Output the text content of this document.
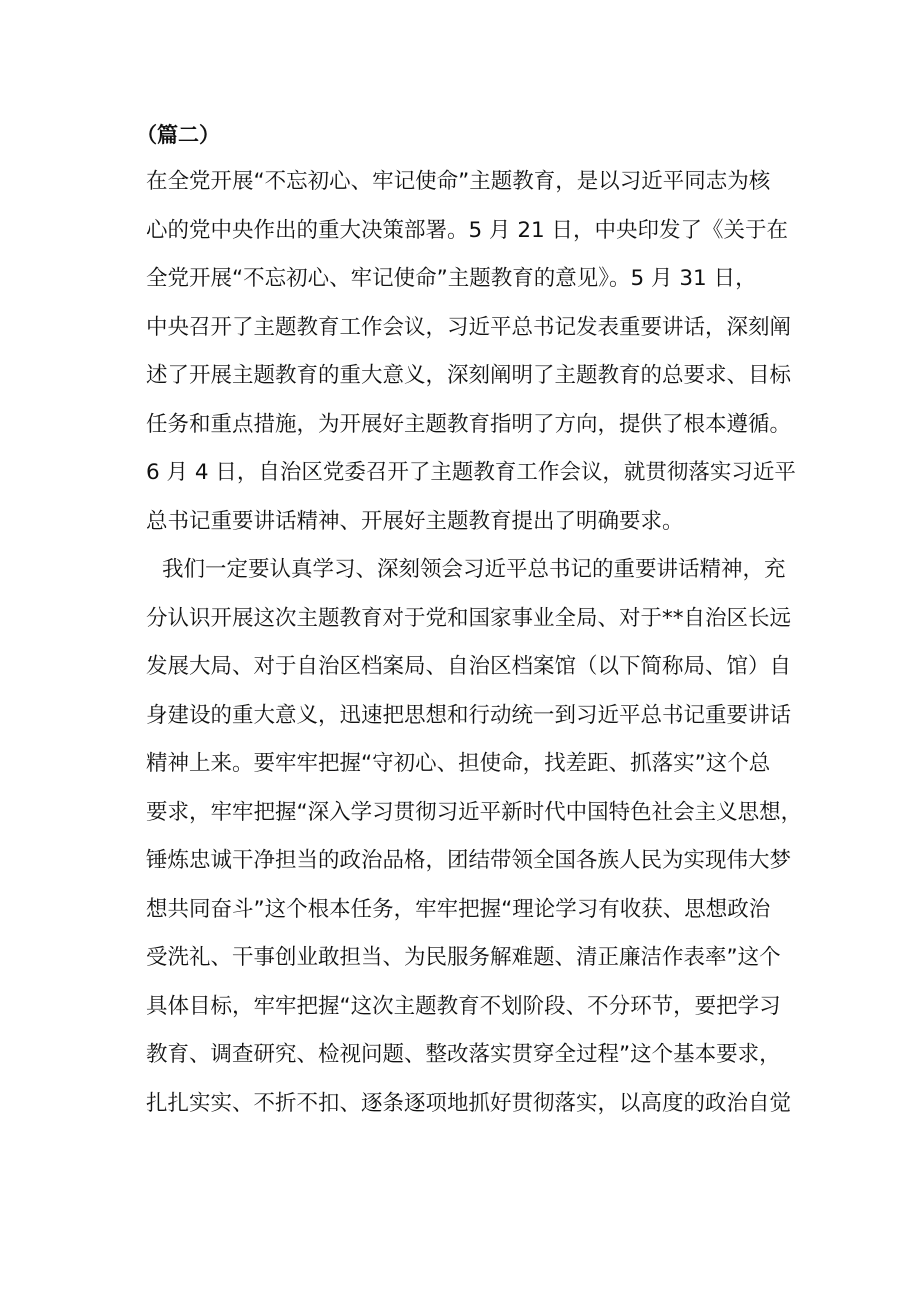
（篇二）
在全党开展“不忘初心、牢记使命”主题教育，是以习近平同志为核
心的党中央作出的重大决策部署。5 月 21 日，中央印发了《关于在
全党开展“不忘初心、牢记使命”主题教育的意见》。5 月 31 日，
中央召开了主题教育工作会议，习近平总书记发表重要讲话，深刻阐
述了开展主题教育的重大意义，深刻阐明了主题教育的总要求、目标
任务和重点措施，为开展好主题教育指明了方向，提供了根本遵循。
6 月 4 日，自治区党委召开了主题教育工作会议，就贯彻落实习近平
总书记重要讲话精神、开展好主题教育提出了明确要求。
我们一定要认真学习、深刻领会习近平总书记的重要讲话精神，充
分认识开展这次主题教育对于党和国家事业全局、对于**自治区长远
发展大局、对于自治区档案局、自治区档案馆（以下简称局、馆）自
身建设的重大意义，迅速把思想和行动统一到习近平总书记重要讲话
精神上来。要牢牢把握“守初心、担使命，找差距、抓落实”这个总
要求，牢牢把握“深入学习贯彻习近平新时代中国特色社会主义思想，
锤炼忠诚干净担当的政治品格，团结带领全国各族人民为实现伟大梦
想共同奋斗”这个根本任务，牢牢把握“理论学习有收获、思想政治
受洗礼、干事创业敢担当、为民服务解难题、清正廉洁作表率”这个
具体目标，牢牢把握“这次主题教育不划阶段、不分环节，要把学习
教育、调查研究、检视问题、整改落实贯穿全过程”这个基本要求，
扎扎实实、不折不扣、逐条逐项地抓好贯彻落实，以高度的政治自觉
